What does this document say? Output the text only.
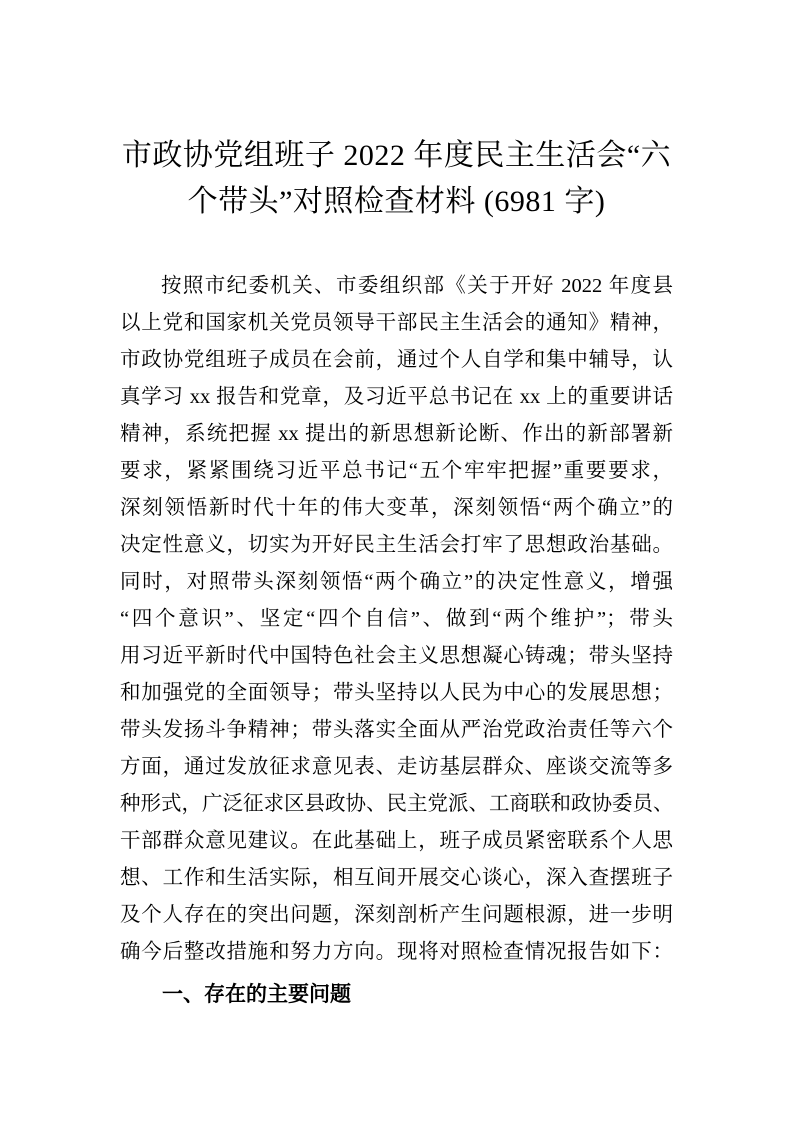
市政协党组班子 2022 年度民主生活会“六
个带头”对照检查材料 (6981 字)
按照市纪委机关、市委组织部《关于开好 2022 年度县
以上党和国家机关党员领导干部民主生活会的通知》精神，
市政协党组班子成员在会前，通过个人自学和集中辅导，认
真学习 xx 报告和党章，及习近平总书记在 xx 上的重要讲话
精神，系统把握 xx 提出的新思想新论断、作出的新部署新
要求，紧紧围绕习近平总书记“五个牢牢把握”重要要求，
深刻领悟新时代十年的伟大变革，深刻领悟“两个确立”的
决定性意义，切实为开好民主生活会打牢了思想政治基础。
同时，对照带头深刻领悟“两个确立”的决定性意义，增强
“四个意识”、坚定“四个自信”、做到“两个维护”；带头
用习近平新时代中国特色社会主义思想凝心铸魂；带头坚持
和加强党的全面领导；带头坚持以人民为中心的发展思想；
带头发扬斗争精神；带头落实全面从严治党政治责任等六个
方面，通过发放征求意见表、走访基层群众、座谈交流等多
种形式，广泛征求区县政协、民主党派、工商联和政协委员、
干部群众意见建议。在此基础上，班子成员紧密联系个人思
想、工作和生活实际，相互间开展交心谈心，深入查摆班子
及个人存在的突出问题，深刻剖析产生问题根源，进一步明
确今后整改措施和努力方向。现将对照检查情况报告如下：
一、存在的主要问题
